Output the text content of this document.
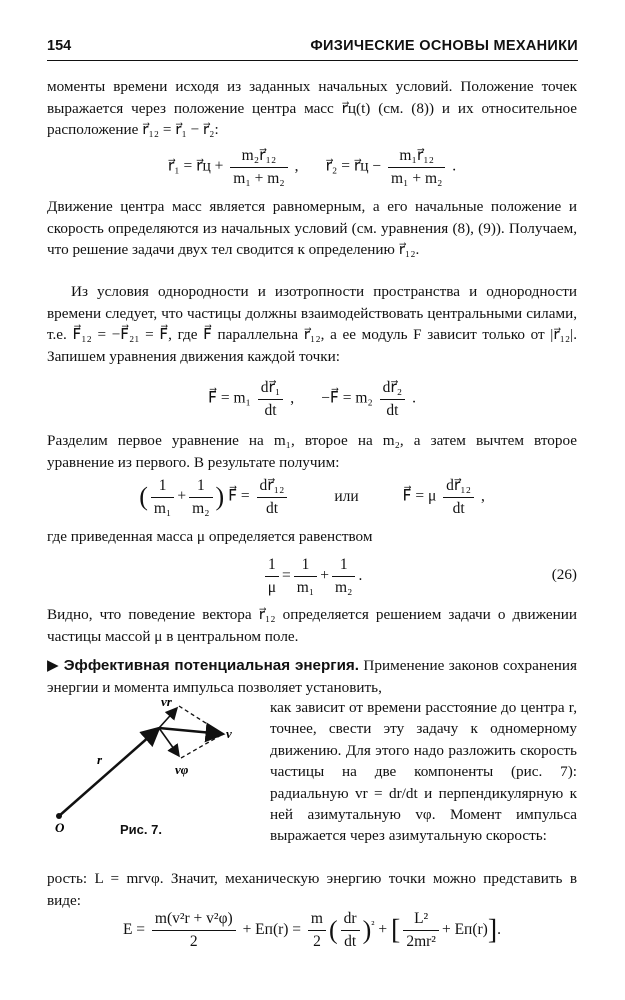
154	ФИЗИЧЕСКИЕ ОСНОВЫ МЕХАНИКИ
моменты времени исходя из заданных начальных условий. Положение точек выражается через положение центра масс r⃗ц(t) (см. (8)) и их относительное расположение r⃗₁₂ = r⃗₁ − r⃗₂:
r⃗₁ = r⃗ц + $\frac{\text{m₂r⃗₁₂}}{\text{m₁ + m₂}}$ ,       r⃗₂ = r⃗ц − $\frac{\text{m₁r⃗₁₂}}{\text{m₁ + m₂}}$ .
Движение центра масс является равномерным, а его начальные положение и скорость определяются из начальных условий (см. уравнения (8), (9)). Получаем, что решение задачи двух тел сводится к определению r⃗₁₂.
Из условия однородности и изотропности пространства и однородности времени следует, что частицы должны взаимодействовать центральными силами, т.е. F⃗₁₂ = −F⃗₂₁ = F⃗, где F⃗ параллельна r⃗₁₂, а ее модуль F зависит только от |r⃗₁₂|. Запишем уравнения движения каждой точки:
F⃗ = $m_1 \frac{\text{dr⃗₁}}{dt}$ ,       −F⃗ = $m_2 \frac{\text{dr⃗₂}}{dt}$ .
Разделим первое уравнение на m₁, второе на m₂, а затем вычтем второе уравнение из первого. В результате получим:
( $\frac{1}{\text{m₁}} + \frac{1}{\text{m₂}}$ ) F⃗ = $\frac{\text{dr⃗₁₂}}{dt}$	или	F⃗ = μ $\frac{\text{dr⃗₁₂}}{dt}$ ,
где приведенная масса μ определяется равенством
$\frac{1}{\mu} = \frac{1}{\text{m₁}} + \frac{1}{\text{m₂}}$ .	(26)
Видно, что поведение вектора r⃗₁₂ определяется решением задачи о движении частицы массой μ в центральном поле.
▶ Эффективная потенциальная энергия. Применение законов сохранения энергии и момента импульса позволяет установить,
vr
v⃗
vφ
r⃗
O	Рис. 7.
как зависит от времени расстояние до центра r, точнее, свести эту задачу к одномерному движению. Для этого надо разложить скорость частицы на две компоненты (рис. 7): радиальную vr = dr/dt и перпендикулярную к ней азимутальную vφ. Момент импульса выражается через азимутальную скорость:
рость: L = mrvφ. Значит, механическую энергию точки можно представить в виде:
$E = \frac{\text{m(v²r + v²φ)}}{2} + Eп(r) = \frac{m}{2}$ ( $\frac{dr}{dt} )^{^2}$ + [ $\frac{\text{L²}}{\text{2mr²}} + Eп(r)$].
